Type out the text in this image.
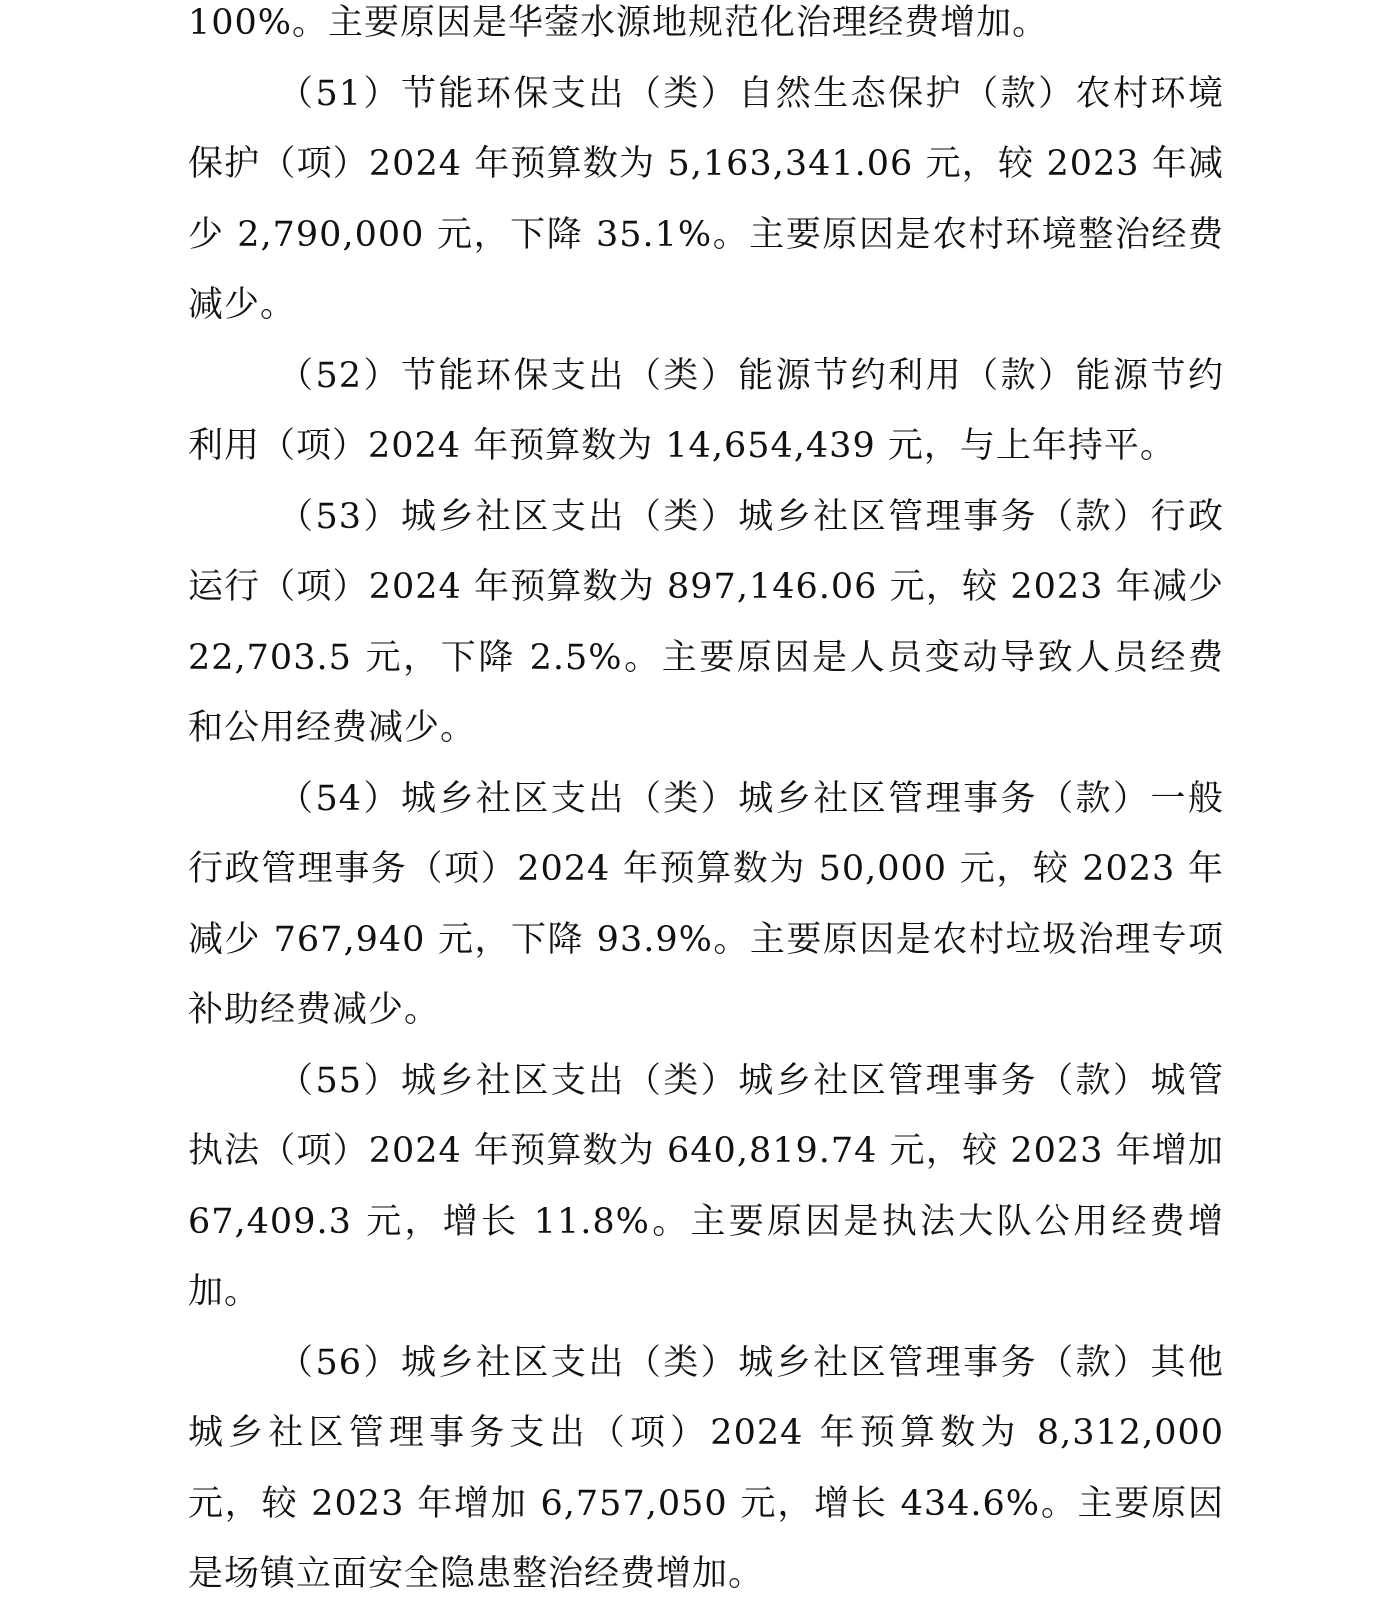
100%。主要原因是华蓥水源地规范化治理经费增加。

（51）节能环保支出（类）自然生态保护（款）农村环境保护（项）2024 年预算数为 5,163,341.06 元，较 2023 年减少 2,790,000 元，下降 35.1%。主要原因是农村环境整治经费减少。

（52）节能环保支出（类）能源节约利用（款）能源节约利用（项）2024 年预算数为 14,654,439 元，与上年持平。

（53）城乡社区支出（类）城乡社区管理事务（款）行政运行（项）2024 年预算数为 897,146.06 元，较 2023 年减少 22,703.5 元，下降 2.5%。主要原因是人员变动导致人员经费和公用经费减少。

（54）城乡社区支出（类）城乡社区管理事务（款）一般行政管理事务（项）2024 年预算数为 50,000 元，较 2023 年减少 767,940 元，下降 93.9%。主要原因是农村垃圾治理专项补助经费减少。

（55）城乡社区支出（类）城乡社区管理事务（款）城管执法（项）2024 年预算数为 640,819.74 元，较 2023 年增加 67,409.3 元，增长 11.8%。主要原因是执法大队公用经费增加。

（56）城乡社区支出（类）城乡社区管理事务（款）其他城乡社区管理事务支出（项）2024 年预算数为 8,312,000 元，较 2023 年增加 6,757,050 元，增长 434.6%。主要原因是场镇立面安全隐患整治经费增加。
